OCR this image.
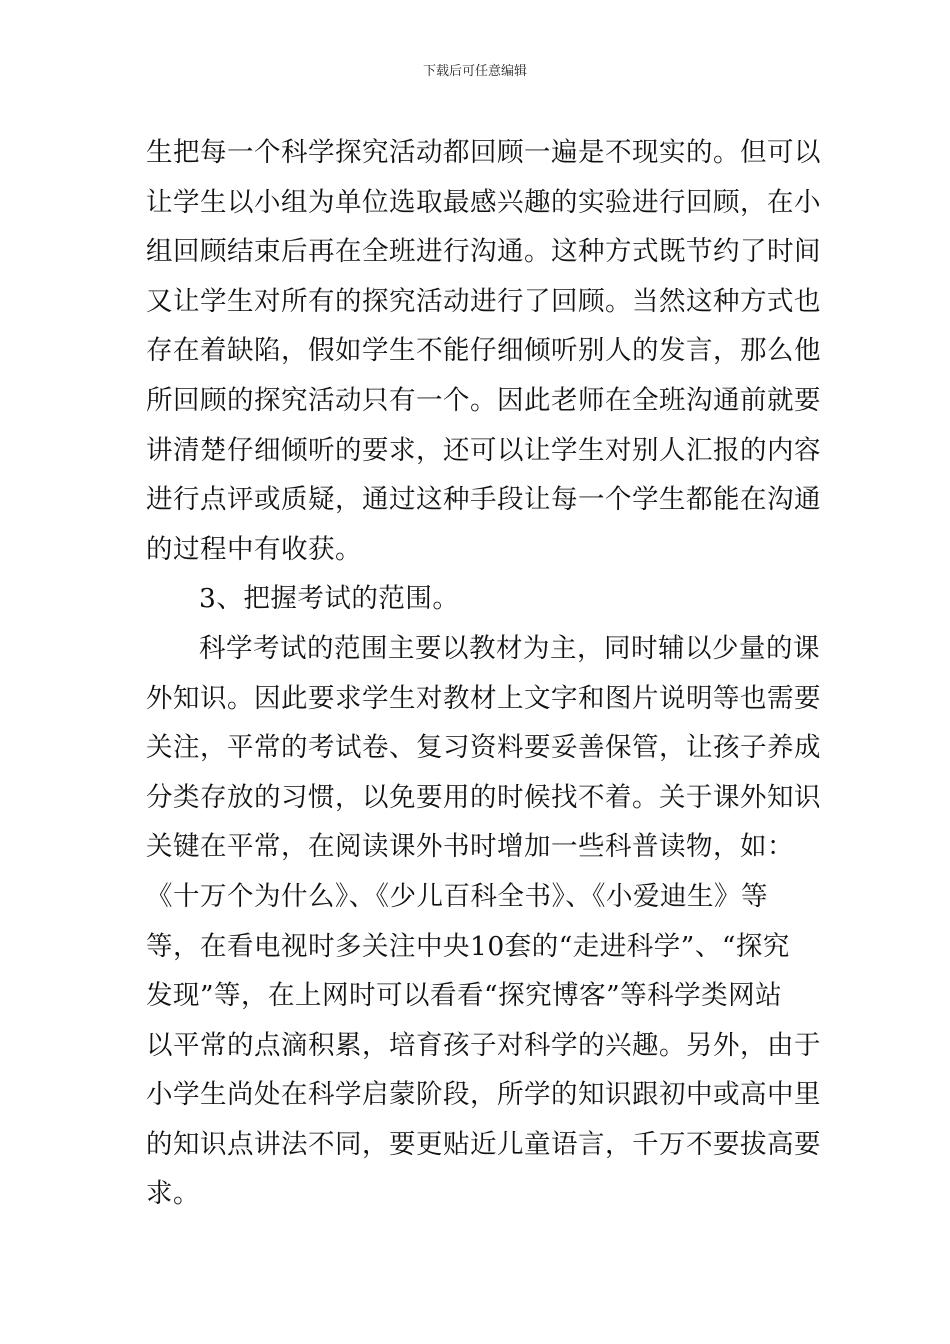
下载后可任意编辑
生把每一个科学探究活动都回顾一遍是不现实的。但可以
让学生以小组为单位选取最感兴趣的实验进行回顾，在小
组回顾结束后再在全班进行沟通。这种方式既节约了时间
又让学生对所有的探究活动进行了回顾。当然这种方式也
存在着缺陷，假如学生不能仔细倾听别人的发言，那么他
所回顾的探究活动只有一个。因此老师在全班沟通前就要
讲清楚仔细倾听的要求，还可以让学生对别人汇报的内容
进行点评或质疑，通过这种手段让每一个学生都能在沟通
的过程中有收获。
3、把握考试的范围。
科学考试的范围主要以教材为主，同时辅以少量的课
外知识。因此要求学生对教材上文字和图片说明等也需要
关注，平常的考试卷、复习资料要妥善保管，让孩子养成
分类存放的习惯，以免要用的时候找不着。关于课外知识
关键在平常，在阅读课外书时增加一些科普读物，如：
《十万个为什么》、《少儿百科全书》、《小爱迪生》等
等，在看电视时多关注中央10套的“走进科学”、“探究
发现”等，在上网时可以看看“探究博客”等科学类网站
以平常的点滴积累，培育孩子对科学的兴趣。另外，由于
小学生尚处在科学启蒙阶段，所学的知识跟初中或高中里
的知识点讲法不同，要更贴近儿童语言，千万不要拔高要
求。
